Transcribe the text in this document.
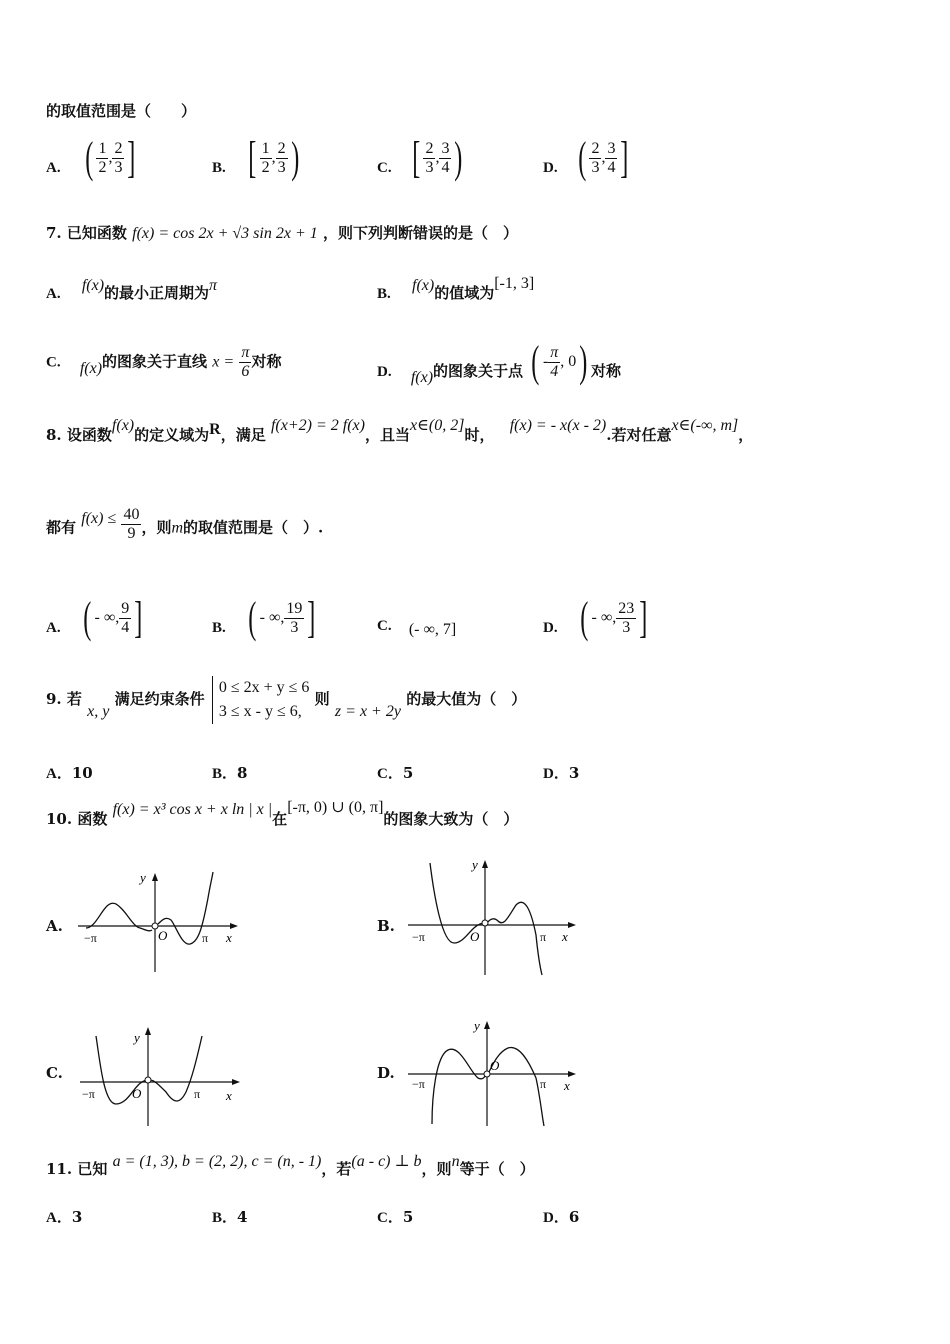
的取值范围是（　　）
A. ( $\frac{1}{2}$ , $\frac{2}{3}$ ]	B. [ $\frac{1}{2}$ , $\frac{2}{3}$ )	C. [ $\frac{2}{3}$ , $\frac{3}{4}$ )	D. ( $\frac{2}{3}$ , $\frac{3}{4}$ ]
7. 已知函数 f(x) = cos 2x + √3 sin 2x + 1 ，则下列判断错误的是（　）
A. f(x)的最小正周期为π	B. f(x)的值域为[-1, 3]
C. f(x)的图象关于直线 $x = \frac{\pi}{6}$ 对称
D. f(x)的图象关于点 ( - $\frac{\pi}{4}$ , 0 ) 对称
8. 设函数f(x)的定义域为R，满足 f(x+2) = 2 f(x)，且当x∈(0, 2]时， f(x) = - x(x - 2).若对任意x∈(-∞, m]，
都有 $f(x) \le \frac{40}{9}$ ，则m的取值范围是（　）.
A. ( - ∞, $\frac{9}{4}$ ]	B. ( - ∞, $\frac{19}{3}$ ]	C. (- ∞, 7]	D. ( - ∞, $\frac{23}{3}$ ]
9. 若 x, y 满足约束条件
0 ≤ 2x + y ≤ 6
3 ≤ x - y ≤ 6,
则 z = x + 2y 的最大值为（　）
A．10	B．8	C．5	D．3
10. 函数 f(x) = x³ cos x + x ln | x |在[-π, 0) ∪ (0, π]的图象大致为（　）
A.
y
x
O
−π	π
B.
y
x
O
−π	π
C.
y
x
O
−π	π
D.
y
x
O
−π	π
11. 已知 a = (1, 3), b = (2, 2), c = (n, - 1)，若(a - c) ⊥ b，则n等于（　）
A．3	B．4	C．5	D．6
